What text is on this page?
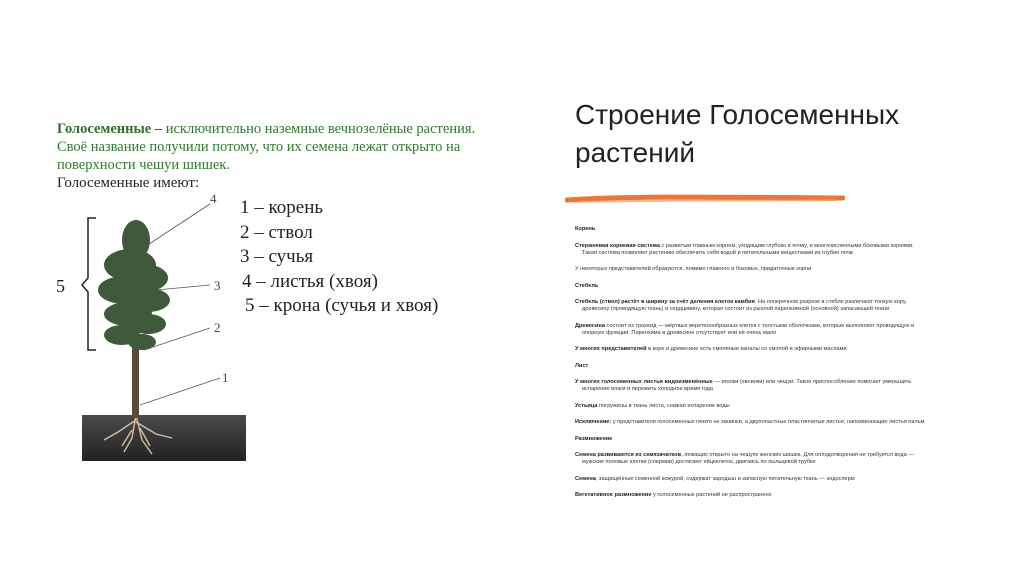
Голосеменные – исключительно наземные вечнозелёные растения.
Своё название получили потому, что их семена лежат открыто на
поверхности чешуи шишек.
Голосеменные имеют:
5
4
3
2
1
1 – корень
2 – ствол
3 – сучья
4 – листья (хвоя)
5 – крона (сучья и хвоя)
Строение Голосеменных растений

Корень

Стержневая корневая система с развитым главным корнем, уходящим глубоко в почву, и многочисленными боковыми корнями.
Такая система позволяет растению обеспечить себя водой и питательными веществами из глубин почв

У некоторых представителей образуются, помимо главного и боковых, придаточные корни

Стебель

Стебель (ствол) растёт в ширину за счёт деления клеток камбия. На поперечном разрезе в стебле различают тонкую кору,
древесину (проводящую ткань) и сердцевину, которая состоит из рыхлой паренхимной (основной) запасающей ткани

Древесина состоит из трахеид — мёртвых веретенообразных клеток с толстыми оболочками, которые выполняют проводящую и
опорную функции. Паренхима в древесине отсутствует или её очень мало

У многих представителей в коре и древесине есть смоляные каналы со смолой и эфирными маслами

Лист

У многих голосеменных листья видоизменённые — иголки (хвоинки) или чешуи. Такое приспособление помогает уменьшить
испарение влаги и пережить холодное время года

Устьица погружены в ткань листа, снижая испарение воды

Исключение: у представителя голосеменных гинкго не хвоинки, а двулопастные пластинчатые листья, напоминающие листья пальм

Размножение

Семена развиваются из семязачатков, лежащих открыто на чешуях женских шишек. Для оплодотворения не требуется вода —
мужские половые клетки (спермии) достигают яйцеклеток, двигаясь по пыльцевой трубке

Семена, защищённые семенной кожурой, содержат зародыш и запасную питательную ткань — эндосперм

Вегетативное размножение у голосеменных растений не распространено
